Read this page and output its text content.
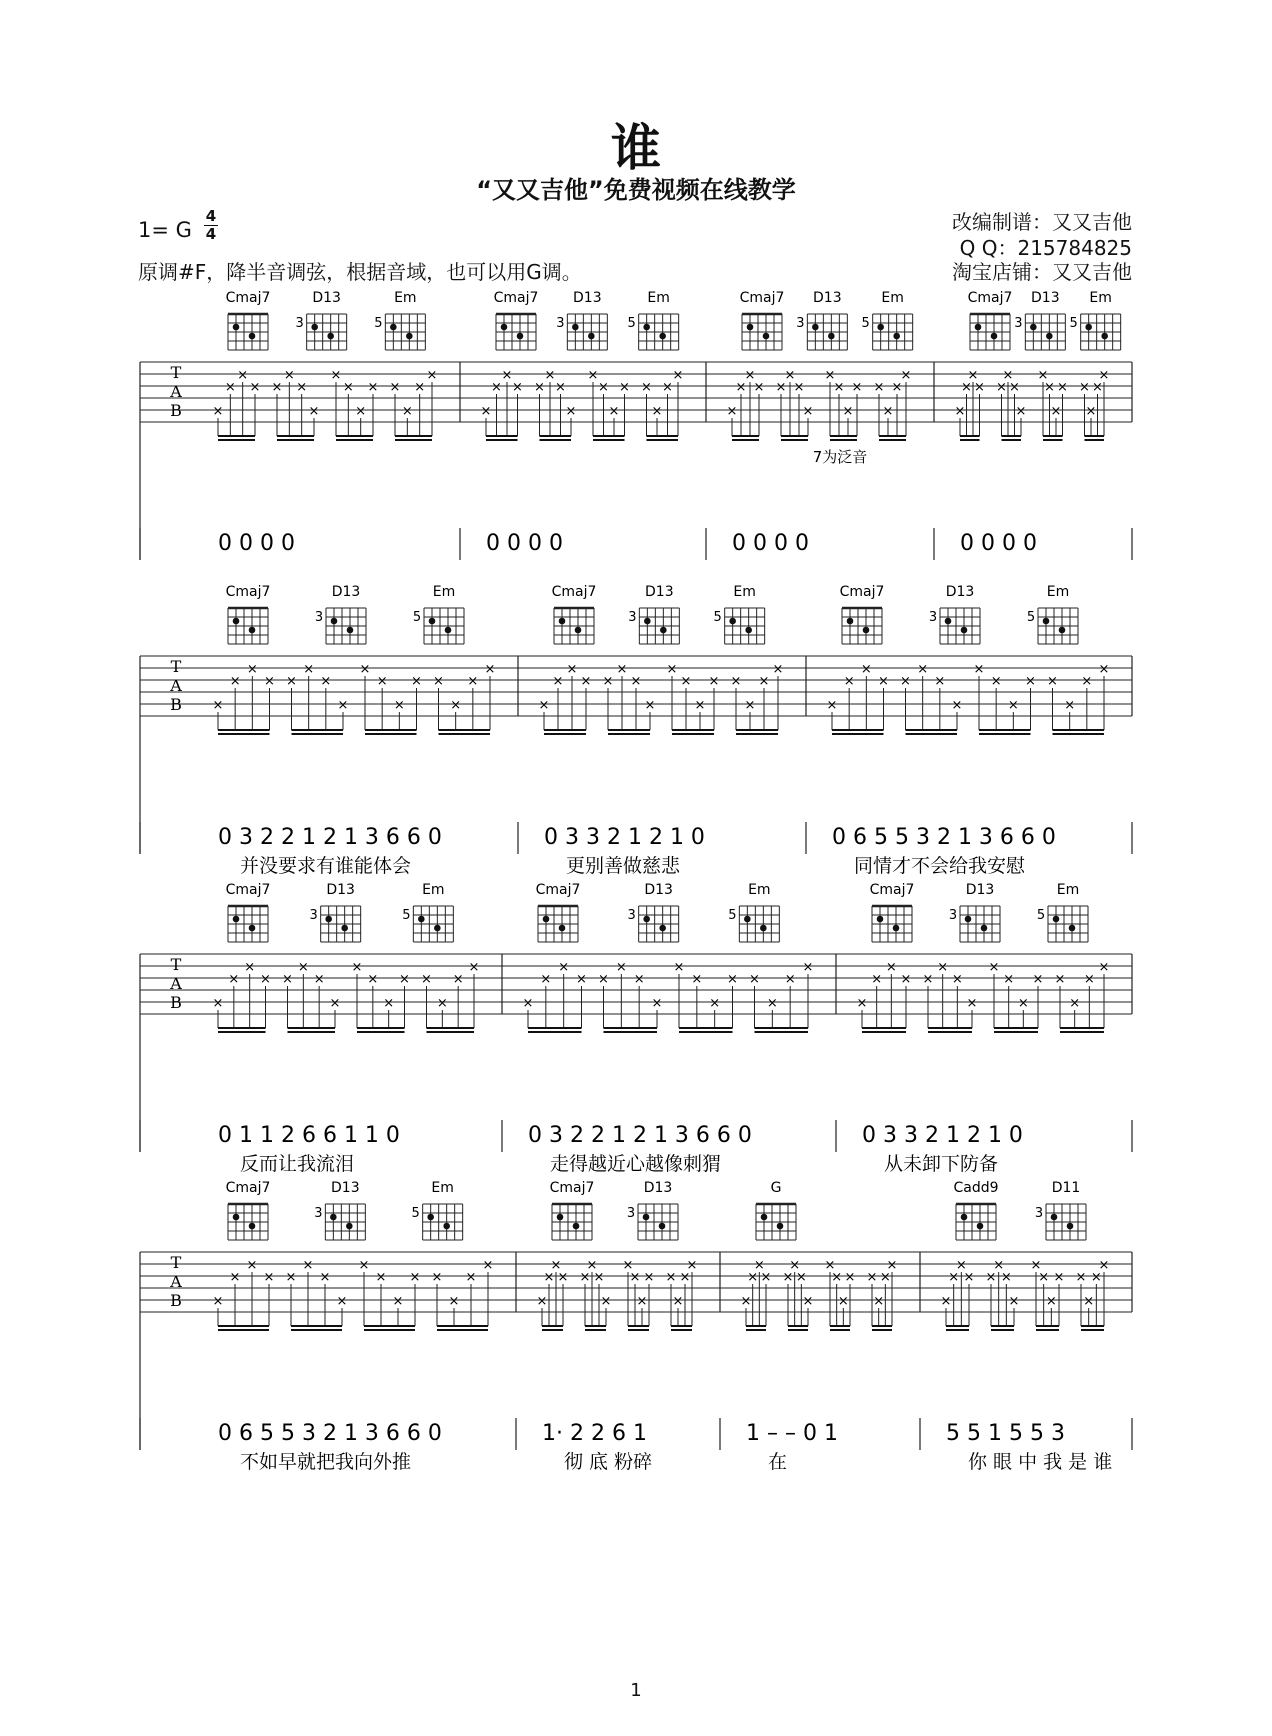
谁
“又又吉他”免费视频在线教学
1= G
4
4
原调#F，降半音调弦，根据音域，也可以用G调。
改编制谱：又又吉他
Q Q：215784825
淘宝店铺：又又吉他
T
A
B
Cmaj7	D13
3
Em
5
×
×
×
× ×
×
×
×
×
×
×
× ×
×
×
×
0 0 0 0
Cmaj7 D13
3
Em
5
×
×
×
× ×
×
×
×
×
×
×
× ×
×
×
×
0 0 0 0
Cmaj7 D13
3
Em
5
×
×
×
× ×
×
×
×
×
×
×
× ×
×
×
×
0 0 0 0
Cmaj7 D13
3
Em
5
×
×
×
× ×
×
×
×
×
×
×
× ×
×
×
×
0 0 0 0
7为泛音
T
A
B
Cmaj7	D13
3
Em
5
×
×
×
× ×
×
×
×
×
×
×
× ×
×
×
×
0 3 2 2 1 2 1 3 6 6 0
并没要求有谁能体会
Cmaj7	D13
3
Em
5
×
×
×
× ×
×
×
×
×
×
×
× ×
×
×
×
0 3 3 2 1 2 1 0
更别善做慈悲
Cmaj7	D13
3
Em
5
×
×
×
× ×
×
×
×
×
×
×
× ×
×
×
×
0 6 5 5 3 2 1 3 6 6 0
同情才不会给我安慰
T
A
B
Cmaj7	D13
3
Em
5
×
×
×
× ×
×
×
×
×
×
×
× ×
×
×
×
0 1 1 2 6 6 1 1 0
反而让我流泪
Cmaj7	D13
3
Em
5
×
×
×
× ×
×
×
×
×
×
×
× ×
×
×
×
0 3 2 2 1 2 1 3 6 6 0
走得越近心越像刺猬
Cmaj7	D13
3
Em
5
×
×
×
× ×
×
×
×
×
×
×
× ×
×
×
×
0 3 3 2 1 2 1 0
从未卸下防备
T
A
B
Cmaj7	D13
3
Em
5
×
×
×
× ×
×
×
×
×
×
×
× ×
×
×
×
0 6 5 5 3 2 1 3 6 6 0
不如早就把我向外推
Cmaj7	D13
3
×
×
×
× ×
×
×
×
×
×
×
× ×
×
×
×
1· 2 2 6 1
彻 底 粉碎
G
×
×
×
× ×
×
×
×
×
×
×
× ×
×
×
×
1 – – 0 1
在
Cadd9	D11
3
×
×
×
× ×
×
×
×
×
×
×
× ×
×
×
×
5 5 1 5 5 3
你 眼 中 我 是 谁
1
